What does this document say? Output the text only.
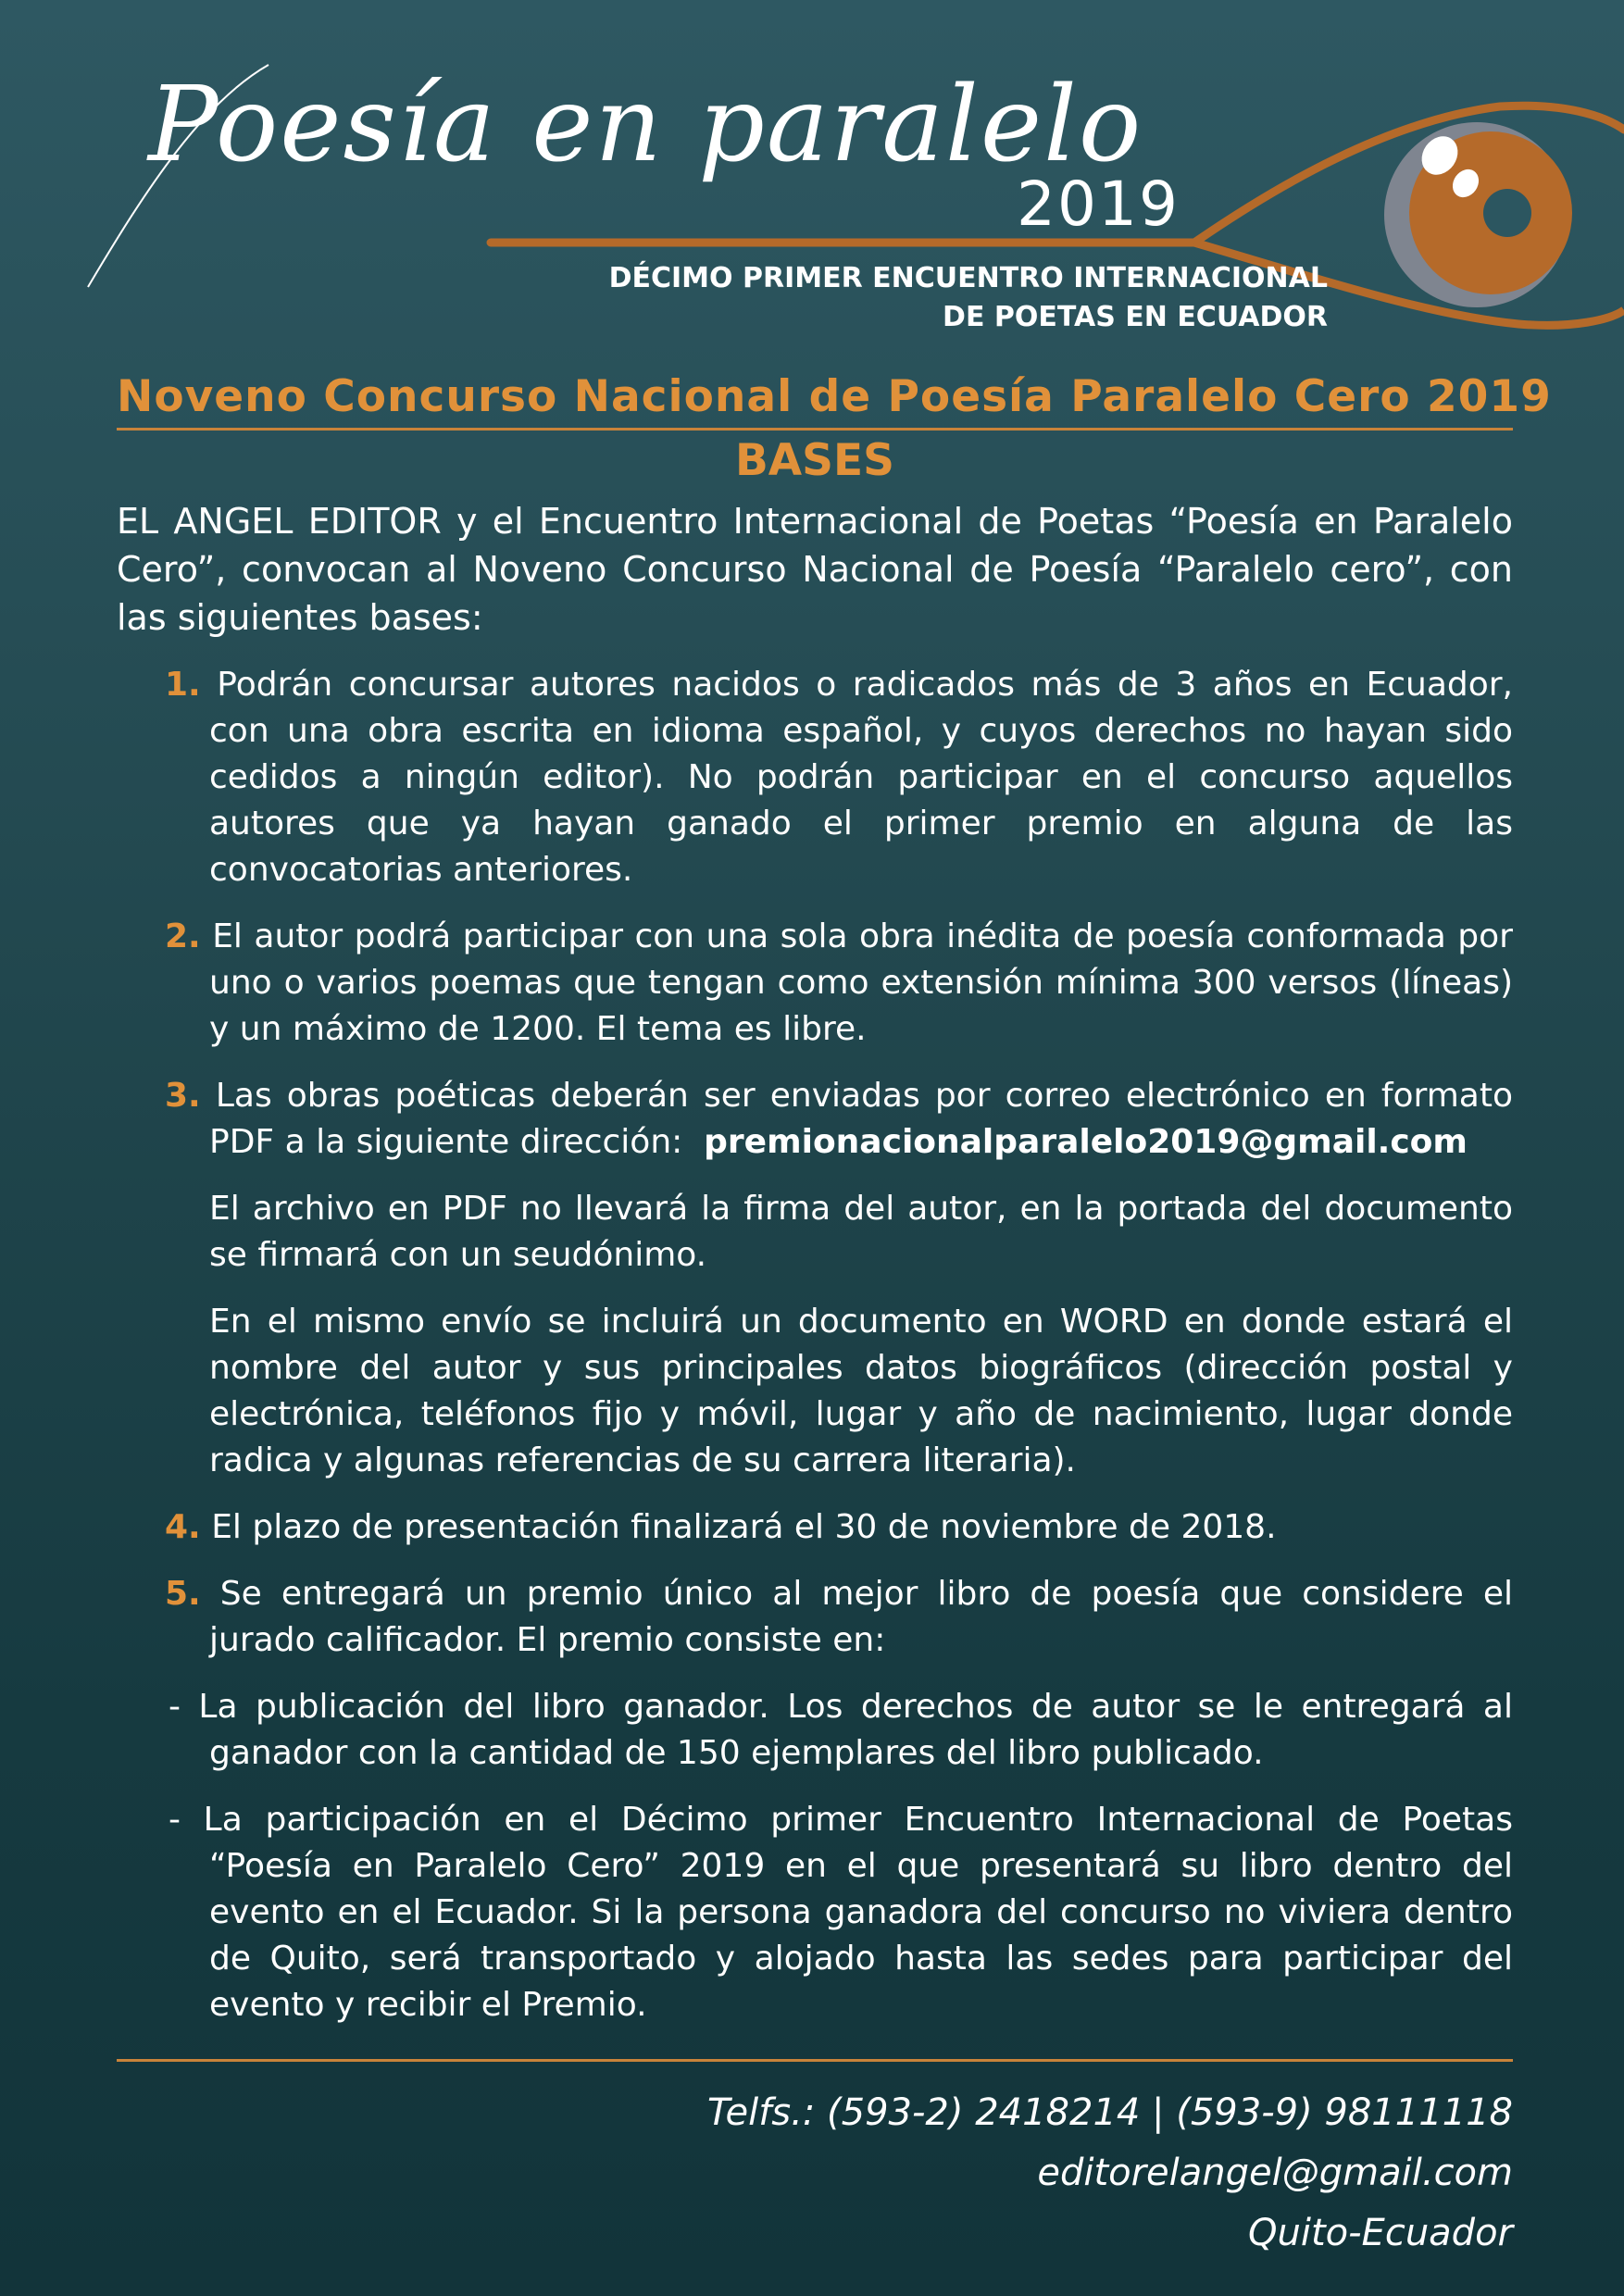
Poesía en paralelo
2019
DÉCIMO PRIMER ENCUENTRO INTERNACIONAL
DE POETAS EN ECUADOR
Noveno Concurso Nacional de Poesía Paralelo Cero 2019
BASES
EL ANGEL EDITOR y el Encuentro Internacional de Poetas “Poesía en Paralelo Cero”, convocan al Noveno Concurso Nacional de Poesía “Paralelo cero”, con las siguientes bases:
1. Podrán concursar autores nacidos o radicados más de 3 años en Ecuador, con una obra escrita en idioma español, y cuyos derechos no hayan sido cedidos a ningún editor). No podrán participar en el concurso aquellos autores que ya hayan ganado el primer premio en alguna de las convocatorias anteriores.
2. El autor podrá participar con una sola obra inédita de poesía conformada por uno o varios poemas que tengan como extensión mínima 300 versos (líneas) y un máximo de 1200. El tema es libre.
3. Las obras poéticas deberán ser enviadas por correo electrónico en formato PDF a la siguiente dirección: premionacionalparalelo2019@gmail.com
El archivo en PDF no llevará la firma del autor, en la portada del documento se firmará con un seudónimo.
En el mismo envío se incluirá un documento en WORD en donde estará el nombre del autor y sus principales datos biográficos (dirección postal y electrónica, teléfonos fijo y móvil, lugar y año de nacimiento, lugar donde radica y algunas referencias de su carrera literaria).
4. El plazo de presentación finalizará el 30 de noviembre de 2018.
5. Se entregará un premio único al mejor libro de poesía que considere el jurado calificador. El premio consiste en:
- La publicación del libro ganador. Los derechos de autor se le entregará al ganador con la cantidad de 150 ejemplares del libro publicado.
- La participación en el Décimo primer Encuentro Internacional de Poetas “Poesía en Paralelo Cero” 2019 en el que presentará su libro dentro del evento en el Ecuador. Si la persona ganadora del concurso no viviera dentro de Quito, será transportado y alojado hasta las sedes para participar del evento y recibir el Premio.
Telfs.: (593-2) 2418214 | (593-9) 98111118
editorelangel@gmail.com
Quito-Ecuador
